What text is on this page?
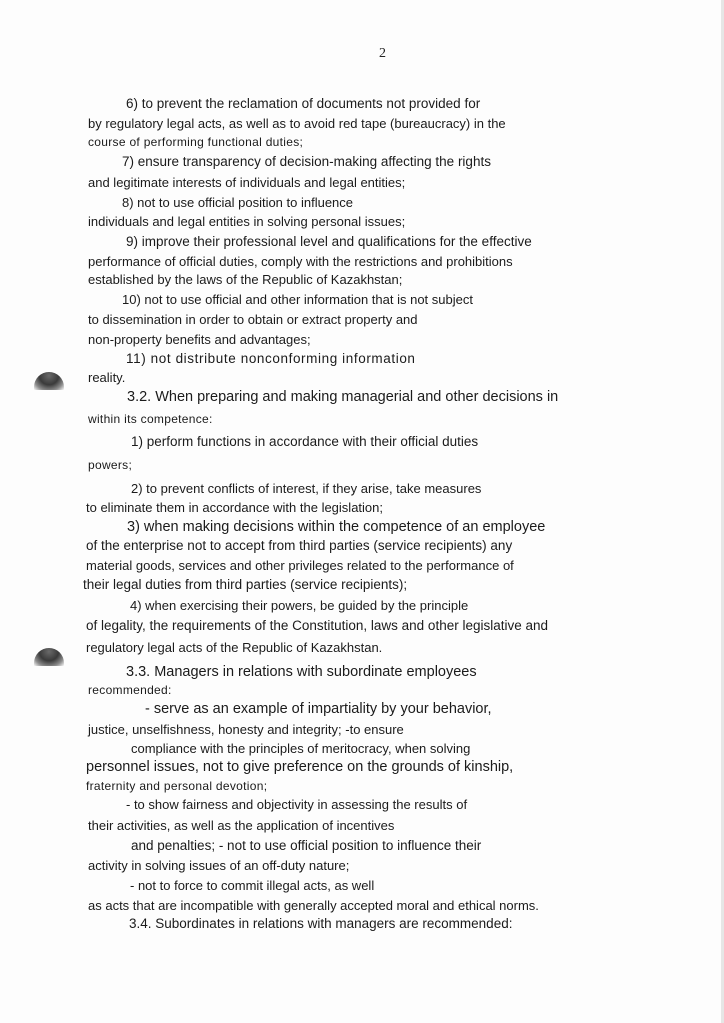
2
6) to prevent the reclamation of documents not provided for
by regulatory legal acts, as well as to avoid red tape (bureaucracy) in the
course of performing functional duties;
7) ensure transparency of decision-making affecting the rights
and legitimate interests of individuals and legal entities;
8) not to use official position to influence
individuals and legal entities in solving personal issues;
9) improve their professional level and qualifications for the effective
performance of official duties, comply with the restrictions and prohibitions
established by the laws of the Republic of Kazakhstan;
10) not to use official and other information that is not subject
to dissemination in order to obtain or extract property and
non-property benefits and advantages;
11) not distribute nonconforming information
reality.
3.2. When preparing and making managerial and other decisions in
within its competence:
1) perform functions in accordance with their official duties
powers;
2) to prevent conflicts of interest, if they arise, take measures
to eliminate them in accordance with the legislation;
3) when making decisions within the competence of an employee
of the enterprise not to accept from third parties (service recipients) any
material goods, services and other privileges related to the performance of
their legal duties from third parties (service recipients);
4) when exercising their powers, be guided by the principle
of legality, the requirements of the Constitution, laws and other legislative and
regulatory legal acts of the Republic of Kazakhstan.
3.3. Managers in relations with subordinate employees
recommended:
- serve as an example of impartiality by your behavior,
justice, unselfishness, honesty and integrity; -to ensure
compliance with the principles of meritocracy, when solving
personnel issues, not to give preference on the grounds of kinship,
fraternity and personal devotion;
- to show fairness and objectivity in assessing the results of
their activities, as well as the application of incentives
and penalties; - not to use official position to influence their
activity in solving issues of an off-duty nature;
- not to force to commit illegal acts, as well
as acts that are incompatible with generally accepted moral and ethical norms.
3.4. Subordinates in relations with managers are recommended:
